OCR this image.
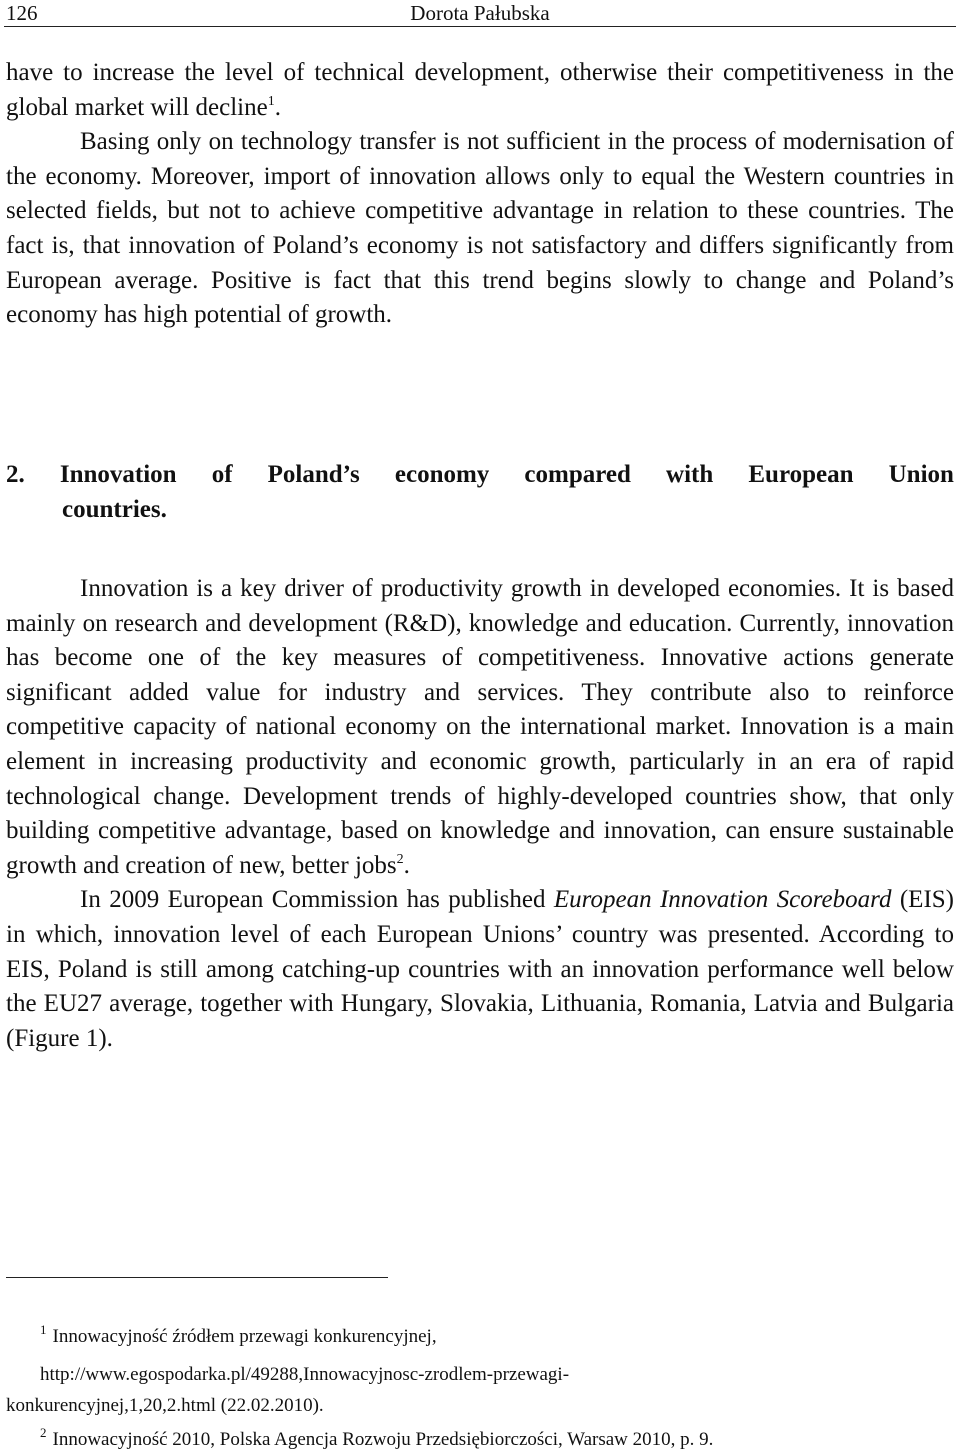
126	Dorota Pałubska

have to increase the level of technical development, otherwise their competitiveness in the global market will decline$^1$.

Basing only on technology transfer is not sufficient in the process of modernisation of the economy. Moreover, import of innovation allows only to equal the Western countries in selected fields, but not to achieve competitive advantage in relation to these countries. The fact is, that innovation of Poland’s economy is not satisfactory and differs significantly from European average. Positive is fact that this trend begins slowly to change and Poland’s economy has high potential of growth.

2. Innovation of Poland’s economy compared with European Union
countries.

Innovation is a key driver of productivity growth in developed economies. It is based mainly on research and development (R&D), knowledge and education. Currently, innovation has become one of the key measures of competitiveness. Innovative actions generate significant added value for industry and services. They contribute also to reinforce competitive capacity of national economy on the international market. Innovation is a main element in increasing productivity and economic growth, particularly in an era of rapid technological change. Development trends of highly-developed countries show, that only building competitive advantage, based on knowledge and innovation, can ensure sustainable growth and creation of new, better jobs$^2$.

In 2009 European Commission has published European Innovation Scoreboard (EIS) in which, innovation level of each European Unions’ country was presented. According to EIS, Poland is still among catching-up countries with an innovation performance well below the EU27 average, together with Hungary, Slovakia, Lithuania, Romania, Latvia and Bulgaria (Figure 1).

$^1$ Innowacyjność źródłem przewagi konkurencyjnej,
http://www.egospodarka.pl/49288,Innowacyjnosc-zrodlem-przewagi-
konkurencyjnej,1,20,2.html (22.02.2010).
$^2$ Innowacyjność 2010, Polska Agencja Rozwoju Przedsiębiorczości, Warsaw 2010, p. 9.
